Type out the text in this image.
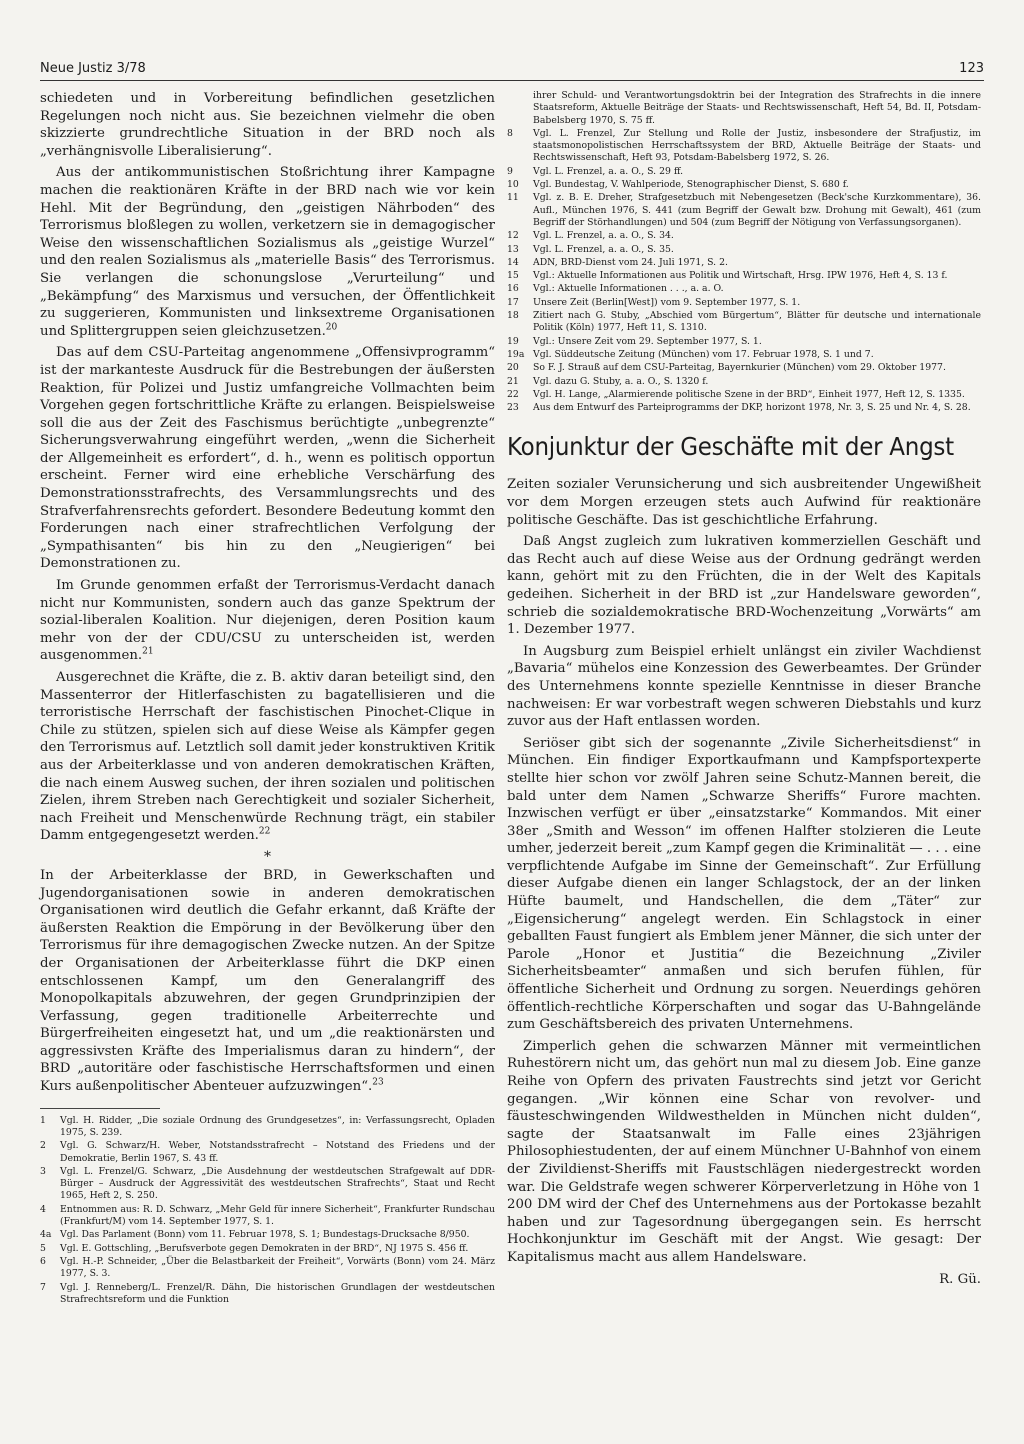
Neue Justiz 3/78	123

schiedeten und in Vorbereitung befindlichen gesetzlichen Regelungen noch nicht aus. Sie bezeichnen vielmehr die oben skizzierte grundrechtliche Situation in der BRD noch als „verhängnisvolle Liberalisierung“.

Aus der antikommunistischen Stoßrichtung ihrer Kampagne machen die reaktionären Kräfte in der BRD nach wie vor kein Hehl. Mit der Begründung, den „geistigen Nährboden“ des Terrorismus bloßlegen zu wollen, verketzern sie in demagogischer Weise den wissenschaftlichen Sozialismus als „geistige Wurzel“ und den realen Sozialismus als „materielle Basis“ des Terrorismus. Sie verlangen die schonungslose „Verurteilung“ und „Bekämpfung“ des Marxismus und versuchen, der Öffentlichkeit zu suggerieren, Kommunisten und linksextreme Organisationen und Splittergruppen seien gleichzusetzen.$^{20}$

Das auf dem CSU-Parteitag angenommene „Offensivprogramm“ ist der markanteste Ausdruck für die Bestrebungen der äußersten Reaktion, für Polizei und Justiz umfangreiche Vollmachten beim Vorgehen gegen fortschrittliche Kräfte zu erlangen. Beispielsweise soll die aus der Zeit des Faschismus berüchtigte „unbegrenzte“ Sicherungsverwahrung eingeführt werden, „wenn die Sicherheit der Allgemeinheit es erfordert“, d. h., wenn es politisch opportun erscheint. Ferner wird eine erhebliche Verschärfung des Demonstrationsstrafrechts, des Versammlungsrechts und des Strafverfahrensrechts gefordert. Besondere Bedeutung kommt den Forderungen nach einer strafrechtlichen Verfolgung der „Sympathisanten“ bis hin zu den „Neugierigen“ bei Demonstrationen zu.

Im Grunde genommen erfaßt der Terrorismus-Verdacht danach nicht nur Kommunisten, sondern auch das ganze Spektrum der sozial-liberalen Koalition. Nur diejenigen, deren Position kaum mehr von der der CDU/CSU zu unterscheiden ist, werden ausgenommen.$^{21}$

Ausgerechnet die Kräfte, die z. B. aktiv daran beteiligt sind, den Massenterror der Hitlerfaschisten zu bagatellisieren und die terroristische Herrschaft der faschistischen Pinochet-Clique in Chile zu stützen, spielen sich auf diese Weise als Kämpfer gegen den Terrorismus auf. Letztlich soll damit jeder konstruktiven Kritik aus der Arbeiterklasse und von anderen demokratischen Kräften, die nach einem Ausweg suchen, der ihren sozialen und politischen Zielen, ihrem Streben nach Gerechtigkeit und sozialer Sicherheit, nach Freiheit und Menschenwürde Rechnung trägt, ein stabiler Damm entgegengesetzt werden.$^{22}$

*

In der Arbeiterklasse der BRD, in Gewerkschaften und Jugendorganisationen sowie in anderen demokratischen Organisationen wird deutlich die Gefahr erkannt, daß Kräfte der äußersten Reaktion die Empörung in der Bevölkerung über den Terrorismus für ihre demagogischen Zwecke nutzen. An der Spitze der Organisationen der Arbeiterklasse führt die DKP einen entschlossenen Kampf, um den Generalangriff des Monopolkapitals abzuwehren, der gegen Grundprinzipien der Verfassung, gegen traditionelle Arbeiterrechte und Bürgerfreiheiten eingesetzt hat, und um „die reaktionärsten und aggressivsten Kräfte des Imperialismus daran zu hindern“, der BRD „autoritäre oder faschistische Herrschaftsformen und einen Kurs außenpolitischer Abenteuer aufzuzwingen“.$^{23}$

1	Vgl. H. Ridder, „Die soziale Ordnung des Grundgesetzes“, in: Verfassungsrecht, Opladen 1975, S. 239.
2	Vgl. G. Schwarz/H. Weber, Notstandsstrafrecht – Notstand des Friedens und der Demokratie, Berlin 1967, S. 43 ff.
3	Vgl. L. Frenzel/G. Schwarz, „Die Ausdehnung der westdeutschen Strafgewalt auf DDR-Bürger – Ausdruck der Aggressivität des westdeutschen Strafrechts“, Staat und Recht 1965, Heft 2, S. 250.
4	Entnommen aus: R. D. Schwarz, „Mehr Geld für innere Sicherheit“, Frankfurter Rundschau (Frankfurt/M) vom 14. September 1977, S. 1.
4a Vgl. Das Parlament (Bonn) vom 11. Februar 1978, S. 1; Bundestags-Drucksache 8/950.
5	Vgl. E. Gottschling, „Berufsverbote gegen Demokraten in der BRD“, NJ 1975 S. 456 ff.
6	Vgl. H.-P. Schneider, „Über die Belastbarkeit der Freiheit“, Vorwärts (Bonn) vom 24. März 1977, S. 3.
7	Vgl. J. Renneberg/L. Frenzel/R. Dähn, Die historischen Grundlagen der westdeutschen Strafrechtsreform und die Funktion
ihrer Schuld- und Verantwortungsdoktrin bei der Integration des Strafrechts in die innere Staatsreform, Aktuelle Beiträge der Staats- und Rechtswissenschaft, Heft 54, Bd. II, Potsdam-Babelsberg 1970, S. 75 ff.
8	Vgl. L. Frenzel, Zur Stellung und Rolle der Justiz, insbesondere der Strafjustiz, im staatsmonopolistischen Herrschaftssystem der BRD, Aktuelle Beiträge der Staats- und Rechtswissenschaft, Heft 93, Potsdam-Babelsberg 1972, S. 26.
9	Vgl. L. Frenzel, a. a. O., S. 29 ff.
10	Vgl. Bundestag, V. Wahlperiode, Stenographischer Dienst, S. 680 f.
11	Vgl. z. B. E. Dreher, Strafgesetzbuch mit Nebengesetzen (Beck'sche Kurzkommentare), 36. Aufl., München 1976, S. 441 (zum Begriff der Gewalt bzw. Drohung mit Gewalt), 461 (zum Begriff der Störhandlungen) und 504 (zum Begriff der Nötigung von Verfassungsorganen).
12	Vgl. L. Frenzel, a. a. O., S. 34.
13	Vgl. L. Frenzel, a. a. O., S. 35.
14	ADN, BRD-Dienst vom 24. Juli 1971, S. 2.
15	Vgl.: Aktuelle Informationen aus Politik und Wirtschaft, Hrsg. IPW 1976, Heft 4, S. 13 f.
16	Vgl.: Aktuelle Informationen . . ., a. a. O.
17	Unsere Zeit (Berlin[West]) vom 9. September 1977, S. 1.
18	Zitiert nach G. Stuby, „Abschied vom Bürgertum“, Blätter für deutsche und internationale Politik (Köln) 1977, Heft 11, S. 1310.
19	Vgl.: Unsere Zeit vom 29. September 1977, S. 1.
19a Vgl. Süddeutsche Zeitung (München) vom 17. Februar 1978, S. 1 und 7.
20	So F. J. Strauß auf dem CSU-Parteitag, Bayernkurier (München) vom 29. Oktober 1977.
21	Vgl. dazu G. Stuby, a. a. O., S. 1320 f.
22	Vgl. H. Lange, „Alarmierende politische Szene in der BRD“, Einheit 1977, Heft 12, S. 1335.
23	Aus dem Entwurf des Parteiprogramms der DKP, horizont 1978, Nr. 3, S. 25 und Nr. 4, S. 28.
Konjunktur der Geschäfte mit der Angst

Zeiten sozialer Verunsicherung und sich ausbreitender Ungewißheit vor dem Morgen erzeugen stets auch Aufwind für reaktionäre politische Geschäfte. Das ist geschichtliche Erfahrung.

Daß Angst zugleich zum lukrativen kommerziellen Geschäft und das Recht auch auf diese Weise aus der Ordnung gedrängt werden kann, gehört mit zu den Früchten, die in der Welt des Kapitals gedeihen. Sicherheit in der BRD ist „zur Handelsware geworden“, schrieb die sozialdemokratische BRD-Wochenzeitung „Vorwärts“ am 1. Dezember 1977.

In Augsburg zum Beispiel erhielt unlängst ein ziviler Wachdienst „Bavaria“ mühelos eine Konzession des Gewerbeamtes. Der Gründer des Unternehmens konnte spezielle Kenntnisse in dieser Branche nachweisen: Er war vorbestraft wegen schweren Diebstahls und kurz zuvor aus der Haft entlassen worden.

Seriöser gibt sich der sogenannte „Zivile Sicherheitsdienst“ in München. Ein findiger Exportkaufmann und Kampfsportexperte stellte hier schon vor zwölf Jahren seine Schutz-Mannen bereit, die bald unter dem Namen „Schwarze Sheriffs“ Furore machten. Inzwischen verfügt er über „einsatzstarke“ Kommandos. Mit einer 38er „Smith and Wesson“ im offenen Halfter stolzieren die Leute umher, jederzeit bereit „zum Kampf gegen die Kriminalität — . . . eine verpflichtende Aufgabe im Sinne der Gemeinschaft“. Zur Erfüllung dieser Aufgabe dienen ein langer Schlagstock, der an der linken Hüfte baumelt, und Handschellen, die dem „Täter“ zur „Eigensicherung“ angelegt werden. Ein Schlagstock in einer geballten Faust fungiert als Emblem jener Männer, die sich unter der Parole „Honor et Justitia“ die Bezeichnung „Ziviler Sicherheitsbeamter“ anmaßen und sich berufen fühlen, für öffentliche Sicherheit und Ordnung zu sorgen. Neuerdings gehören öffentlich-rechtliche Körperschaften und sogar das U-Bahngelände zum Geschäftsbereich des privaten Unternehmens.

Zimperlich gehen die schwarzen Männer mit vermeintlichen Ruhestörern nicht um, das gehört nun mal zu diesem Job. Eine ganze Reihe von Opfern des privaten Faustrechts sind jetzt vor Gericht gegangen. „Wir können eine Schar von revolver- und fäusteschwingenden Wildwesthelden in München nicht dulden“, sagte der Staatsanwalt im Falle eines 23jährigen Philosophiestudenten, der auf einem Münchner U-Bahnhof von einem der Zivildienst-Sheriffs mit Faustschlägen niedergestreckt worden war. Die Geldstrafe wegen schwerer Körperverletzung in Höhe von 1 200 DM wird der Chef des Unternehmens aus der Portokasse bezahlt haben und zur Tagesordnung übergegangen sein. Es herrscht Hochkonjunktur im Geschäft mit der Angst. Wie gesagt: Der Kapitalismus macht aus allem Handelsware.

R. Gü.
